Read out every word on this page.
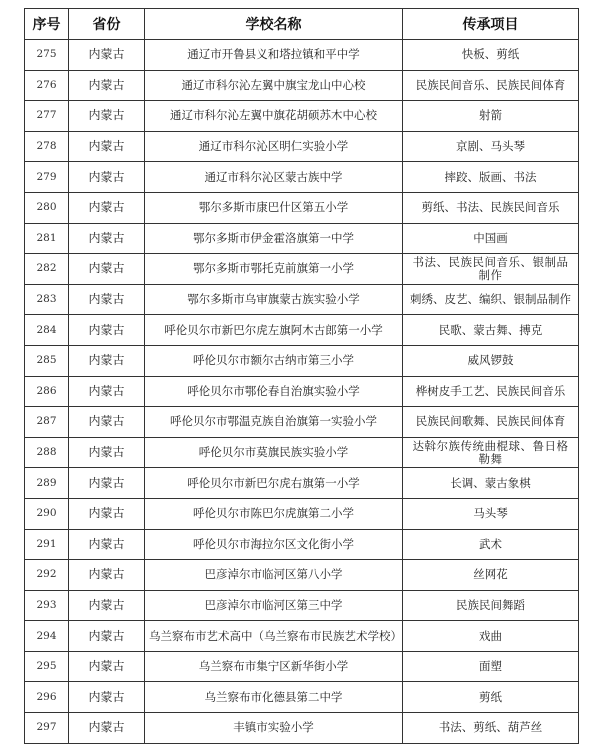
序号	省份	学校名称	传承项目
275	内蒙古	通辽市开鲁县义和塔拉镇和平中学	快板、剪纸
276	内蒙古	通辽市科尔沁左翼中旗宝龙山中心校	民族民间音乐、民族民间体育
277	内蒙古	通辽市科尔沁左翼中旗花胡硕苏木中心校	射箭
278	内蒙古	通辽市科尔沁区明仁实验小学	京剧、马头琴
279	内蒙古	通辽市科尔沁区蒙古族中学	摔跤、版画、书法
280	内蒙古	鄂尔多斯市康巴什区第五小学	剪纸、书法、民族民间音乐
281	内蒙古	鄂尔多斯市伊金霍洛旗第一中学	中国画
282	内蒙古	鄂尔多斯市鄂托克前旗第一小学	书法、民族民间音乐、银制品制作
283	内蒙古	鄂尔多斯市乌审旗蒙古族实验小学	刺绣、皮艺、编织、银制品制作
284	内蒙古	呼伦贝尔市新巴尔虎左旗阿木古郎第一小学	民歌、蒙古舞、搏克
285	内蒙古	呼伦贝尔市额尔古纳市第三小学	威风锣鼓
286	内蒙古	呼伦贝尔市鄂伦春自治旗实验小学	桦树皮手工艺、民族民间音乐
287	内蒙古	呼伦贝尔市鄂温克族自治旗第一实验小学	民族民间歌舞、民族民间体育
288	内蒙古	呼伦贝尔市莫旗民族实验小学	达斡尔族传统曲棍球、鲁日格勒舞
289	内蒙古	呼伦贝尔市新巴尔虎右旗第一小学	长调、蒙古象棋
290	内蒙古	呼伦贝尔市陈巴尔虎旗第二小学	马头琴
291	内蒙古	呼伦贝尔市海拉尔区文化街小学	武术
292	内蒙古	巴彦淖尔市临河区第八小学	丝网花
293	内蒙古	巴彦淖尔市临河区第三中学	民族民间舞蹈
294	内蒙古	乌兰察布市艺术高中（乌兰察布市民族艺术学校）	戏曲
295	内蒙古	乌兰察布市集宁区新华街小学	面塑
296	内蒙古	乌兰察布市化德县第二中学	剪纸
297	内蒙古	丰镇市实验小学	书法、剪纸、葫芦丝
